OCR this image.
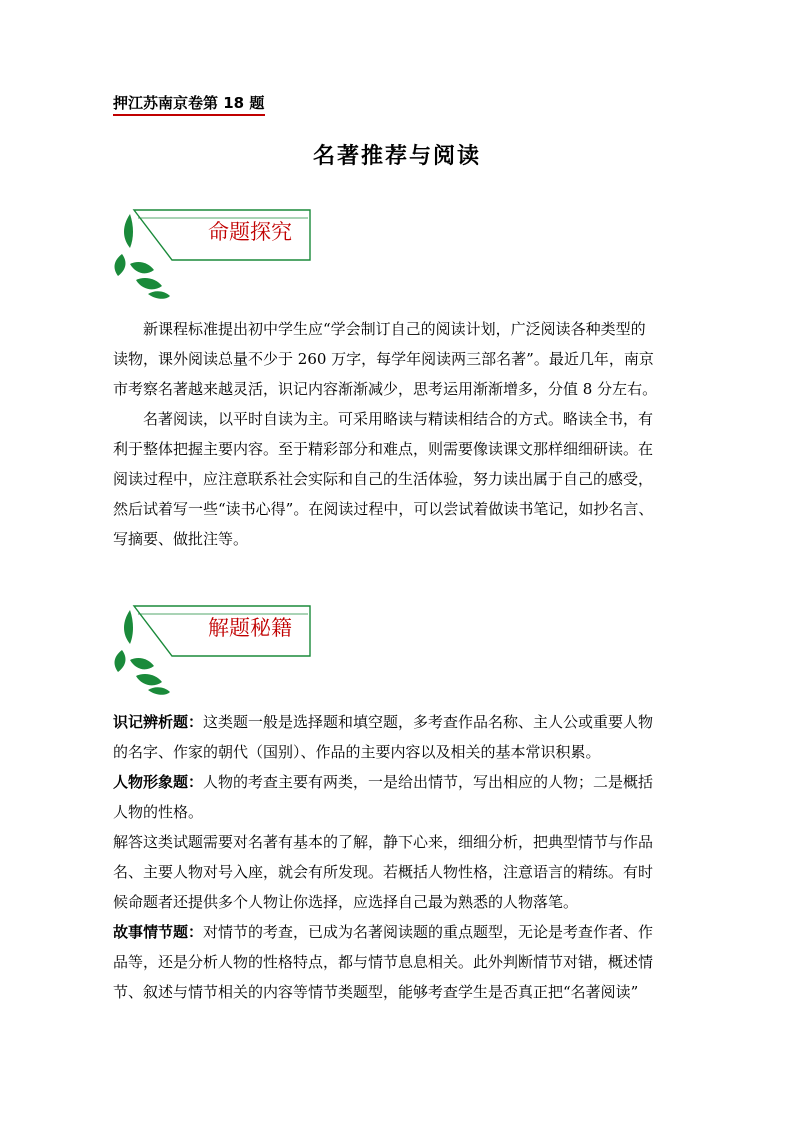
押江苏南京卷第 18 题
名著推荐与阅读
命题探究
新课程标准提出初中学生应“学会制订自己的阅读计划，广泛阅读各种类型的
读物，课外阅读总量不少于 260 万字，每学年阅读两三部名著”。最近几年，南京
市考察名著越来越灵活，识记内容渐渐减少，思考运用渐渐增多，分值 8 分左右。
名著阅读，以平时自读为主。可采用略读与精读相结合的方式。略读全书，有
利于整体把握主要内容。至于精彩部分和难点，则需要像读课文那样细细研读。在
阅读过程中，应注意联系社会实际和自己的生活体验，努力读出属于自己的感受，
然后试着写一些“读书心得”。在阅读过程中，可以尝试着做读书笔记，如抄名言、
写摘要、做批注等。
解题秘籍
识记辨析题：这类题一般是选择题和填空题，多考查作品名称、主人公或重要人物
的名字、作家的朝代（国别）、作品的主要内容以及相关的基本常识积累。
人物形象题：人物的考查主要有两类，一是给出情节，写出相应的人物；二是概括
人物的性格。
解答这类试题需要对名著有基本的了解，静下心来，细细分析，把典型情节与作品
名、主要人物对号入座，就会有所发现。若概括人物性格，注意语言的精练。有时
候命题者还提供多个人物让你选择，应选择自己最为熟悉的人物落笔。
故事情节题：对情节的考查，已成为名著阅读题的重点题型，无论是考查作者、作
品等，还是分析人物的性格特点，都与情节息息相关。此外判断情节对错，概述情
节、叙述与情节相关的内容等情节类题型，能够考查学生是否真正把“名著阅读”
